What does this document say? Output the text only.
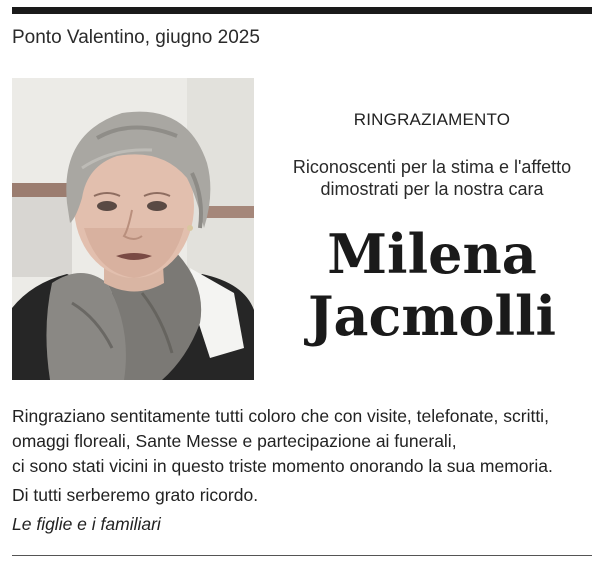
Ponto Valentino, giugno 2025
RINGRAZIAMENTO
Riconoscenti per la stima e l'affetto
dimostrati per la nostra cara
Milena
Jacmolli
Ringraziano sentitamente tutti coloro che con visite, telefonate, scritti,
omaggi floreali, Sante Messe e partecipazione ai funerali,
ci sono stati vicini in questo triste momento onorando la sua memoria.
Di tutti serberemo grato ricordo.
Le figlie e i familiari
